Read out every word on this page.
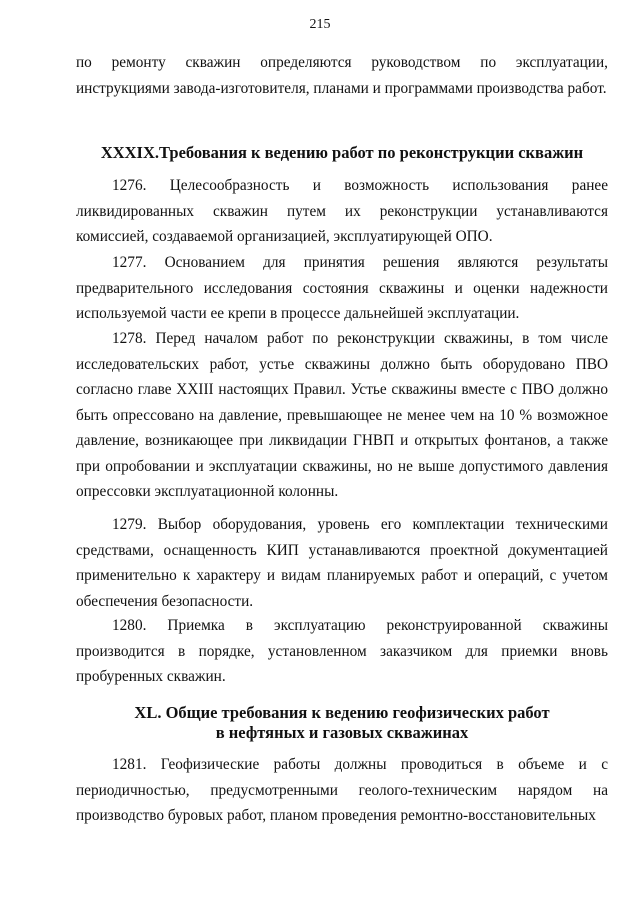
215
по ремонту скважин определяются руководством по эксплуатации, инструкциями завода-изготовителя, планами и программами производства работ.
XXXIX.Требования к ведению работ по реконструкции скважин
1276. Целесообразность и возможность использования ранее ликвидированных скважин путем их реконструкции устанавливаются комиссией, создаваемой организацией, эксплуатирующей ОПО.
1277. Основанием для принятия решения являются результаты предварительного исследования состояния скважины и оценки надежности используемой части ее крепи в процессе дальнейшей эксплуатации.
1278. Перед началом работ по реконструкции скважины, в том числе исследовательских работ, устье скважины должно быть оборудовано ПВО согласно главе XXIII настоящих Правил. Устье скважины вместе с ПВО должно быть опрессовано на давление, превышающее не менее чем на 10 % возможное давление, возникающее при ликвидации ГНВП и открытых фонтанов, а также при опробовании и эксплуатации скважины, но не выше допустимого давления опрессовки эксплуатационной колонны.
1279. Выбор оборудования, уровень его комплектации техническими средствами, оснащенность КИП устанавливаются проектной документацией применительно к характеру и видам планируемых работ и операций, с учетом обеспечения безопасности.
1280. Приемка в эксплуатацию реконструированной скважины производится в порядке, установленном заказчиком для приемки вновь пробуренных скважин.
XL. Общие требования к ведению геофизических работ
в нефтяных и газовых скважинах
1281. Геофизические работы должны проводиться в объеме и с периодичностью, предусмотренными геолого-техническим нарядом на производство буровых работ, планом проведения ремонтно-восстановительных
